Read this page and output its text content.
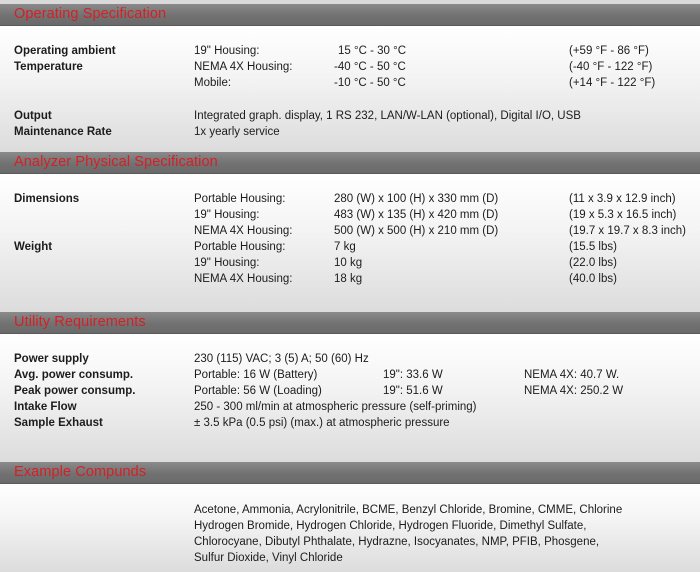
Operating Specification
Operating ambient
Temperature
19" Housing:	15 °C - 30 °C	(+59 °F - 86 °F)
NEMA 4X Housing:	-40 °C - 50 °C	(-40 °F - 122 °F)
Mobile:	-10 °C - 50 °C	(+14 °F - 122 °F)
Output	Integrated graph. display, 1 RS 232, LAN/W-LAN (optional), Digital I/O, USB
Maintenance Rate	1x yearly service
Analyzer Physical Specification
Dimensions	Portable Housing:	280 (W) x 100 (H) x 330 mm (D)	(11 x 3.9 x 12.9 inch)
19" Housing:	483 (W) x 135 (H) x 420 mm (D)	(19 x 5.3 x 16.5 inch)
NEMA 4X Housing:	500 (W) x 500 (H) x 210 mm (D)	(19.7 x 19.7 x 8.3 inch)
Weight	Portable Housing:	7 kg	(15.5 lbs)
19" Housing:	10 kg	(22.0 lbs)
NEMA 4X Housing:	18 kg	(40.0 lbs)
Utility Requirements
Power supply	230 (115) VAC; 3 (5) A; 50 (60) Hz
Avg. power consump.	Portable: 16 W (Battery)	19": 33.6 W	NEMA 4X: 40.7 W.
Peak power consump.	Portable: 56 W (Loading)	19": 51.6 W	NEMA 4X: 250.2 W
Intake Flow	250 - 300 ml/min at atmospheric pressure (self-priming)
Sample Exhaust	± 3.5 kPa (0.5 psi) (max.) at atmospheric pressure
Example Compunds
Acetone, Ammonia, Acrylonitrile, BCME, Benzyl Chloride, Bromine, CMME, Chlorine
Hydrogen Bromide, Hydrogen Chloride, Hydrogen Fluoride, Dimethyl Sulfate,
Chlorocyane, Dibutyl Phthalate, Hydrazne, Isocyanates, NMP, PFIB, Phosgene,
Sulfur Dioxide, Vinyl Chloride
